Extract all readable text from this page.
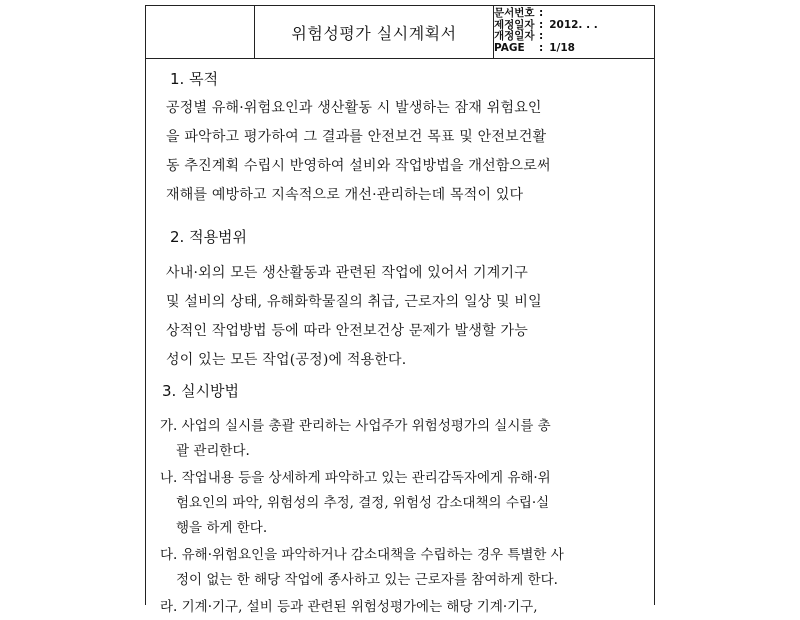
위험성평가 실시계획서
문서번호 :
제정일자 : 2012. . .
개정일자 :
PAGE	: 1/18
1. 목적
공정별 유해·위험요인과 생산활동 시 발생하는 잠재 위험요인
을 파악하고 평가하여 그 결과를 안전보건 목표 및 안전보건활
동 추진계획 수립시 반영하여 설비와 작업방법을 개선함으로써
재해를 예방하고 지속적으로 개선·관리하는데 목적이 있다
2. 적용범위
사내·외의 모든 생산활동과 관련된 작업에 있어서 기계기구
및 설비의 상태, 유해화학물질의 취급, 근로자의 일상 및 비일
상적인 작업방법 등에 따라 안전보건상 문제가 발생할 가능
성이 있는 모든 작업(공정)에 적용한다.
3. 실시방법
가. 사업의 실시를 총괄 관리하는 사업주가 위험성평가의 실시를 총
괄 관리한다.
나. 작업내용 등을 상세하게 파악하고 있는 관리감독자에게 유해·위
험요인의 파악, 위험성의 추정, 결정, 위험성 감소대책의 수립·실
행을 하게 한다.
다. 유해·위험요인을 파악하거나 감소대책을 수립하는 경우 특별한 사
정이 없는 한 해당 작업에 종사하고 있는 근로자를 참여하게 한다.
라. 기계·기구, 설비 등과 관련된 위험성평가에는 해당 기계·기구,
